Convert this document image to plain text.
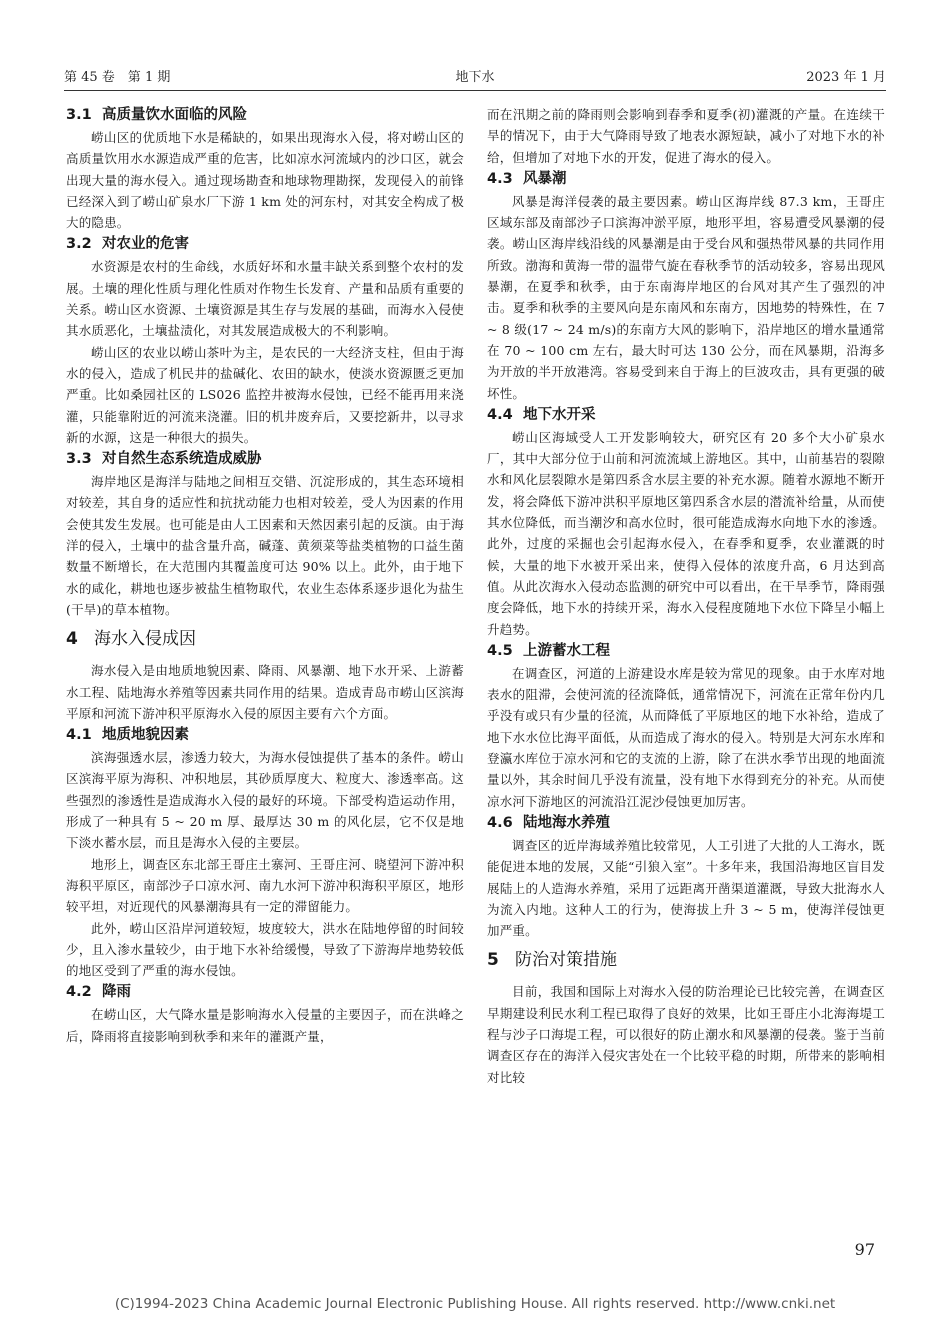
第 45 卷　第 1 期	地下水	2023 年 1 月
3.1 高质量饮水面临的风险

崂山区的优质地下水是稀缺的，如果出现海水入侵，将对崂山区的高质量饮用水水源造成严重的危害，比如凉水河流域内的沙口区，就会出现大量的海水侵入。通过现场勘查和地球物理勘探，发现侵入的前锋已经深入到了崂山矿泉水厂下游 1 km 处的河东村，对其安全构成了极大的隐患。

3.2 对农业的危害

水资源是农村的生命线，水质好坏和水量丰缺关系到整个农村的发展。土壤的理化性质与理化性质对作物生长发育、产量和品质有重要的关系。崂山区水资源、土壤资源是其生存与发展的基础，而海水入侵使其水质恶化，土壤盐渍化，对其发展造成极大的不利影响。

崂山区的农业以崂山茶叶为主，是农民的一大经济支柱，但由于海水的侵入，造成了机民井的盐碱化、农田的缺水，使淡水资源匮乏更加严重。比如桑园社区的 LS026 监控井被海水侵蚀，已经不能再用来浇灌，只能靠附近的河流来浇灌。旧的机井废弃后，又要挖新井，以寻求新的水源，这是一种很大的损失。

3.3 对自然生态系统造成威胁

海岸地区是海洋与陆地之间相互交错、沉淀形成的，其生态环境相对较差，其自身的适应性和抗扰动能力也相对较差，受人为因素的作用会使其发生发展。也可能是由人工因素和天然因素引起的反演。由于海洋的侵入，土壤中的盐含量升高，碱蓬、黄须菜等盐类植物的口益生菌数量不断增长，在大范围内其覆盖度可达 90% 以上。此外，由于地下水的咸化，耕地也逐步被盐生植物取代，农业生态体系逐步退化为盐生(干旱)的草本植物。

4 海水入侵成因

海水侵入是由地质地貌因素、降雨、风暴潮、地下水开采、上游蓄水工程、陆地海水养殖等因素共同作用的结果。造成青岛市崂山区滨海平原和河流下游冲积平原海水入侵的原因主要有六个方面。

4.1 地质地貌因素

滨海强透水层，渗透力较大，为海水侵蚀提供了基本的条件。崂山区滨海平原为海积、冲积地层，其砂质厚度大、粒度大、渗透率高。这些强烈的渗透性是造成海水入侵的最好的环境。下部受构造运动作用，形成了一种具有 5 ~ 20 m 厚、最厚达 30 m 的风化层，它不仅是地下淡水蓄水层，而且是海水入侵的主要层。

地形上，调查区东北部王哥庄土寨河、王哥庄河、晓望河下游冲积海积平原区，南部沙子口凉水河、南九水河下游冲积海积平原区，地形较平坦，对近现代的风暴潮海具有一定的滞留能力。

此外，崂山区沿岸河道较短，坡度较大，洪水在陆地停留的时间较少，且入渗水量较少，由于地下水补给缓慢，导致了下游海岸地势较低的地区受到了严重的海水侵蚀。

4.2 降雨

在崂山区，大气降水量是影响海水入侵量的主要因子，而在洪峰之后，降雨将直接影响到秋季和来年的灌溉产量，

而在汛期之前的降雨则会影响到春季和夏季(初)灌溉的产量。在连续干旱的情况下，由于大气降雨导致了地表水源短缺，减小了对地下水的补给，但增加了对地下水的开发，促进了海水的侵入。

4.3 风暴潮

风暴是海洋侵袭的最主要因素。崂山区海岸线 87.3 km，王哥庄区域东部及南部沙子口滨海冲淤平原，地形平坦，容易遭受风暴潮的侵袭。崂山区海岸线沿线的风暴潮是由于受台风和强热带风暴的共同作用所致。渤海和黄海一带的温带气旋在春秋季节的活动较多，容易出现风暴潮，在夏季和秋季，由于东南海岸地区的台风对其产生了强烈的冲击。夏季和秋季的主要风向是东南风和东南方，因地势的特殊性，在 7 ~ 8 级(17 ~ 24 m/s)的东南方大风的影响下，沿岸地区的增水量通常在 70 ~ 100 cm 左右，最大时可达 130 公分，而在风暴期，沿海多为开放的半开放港湾。容易受到来自于海上的巨波攻击，具有更强的破坏性。

4.4 地下水开采

崂山区海域受人工开发影响较大，研究区有 20 多个大小矿泉水厂，其中大部分位于山前和河流流域上游地区。其中，山前基岩的裂隙水和风化层裂隙水是第四系含水层主要的补充水源。随着水源地不断开发，将会降低下游冲洪积平原地区第四系含水层的潜流补给量，从而使其水位降低，而当潮汐和高水位时，很可能造成海水向地下水的渗透。此外，过度的采掘也会引起海水侵入，在春季和夏季，农业灌溉的时候，大量的地下水被开采出来，使得入侵体的浓度升高，6 月达到高值。从此次海水入侵动态监测的研究中可以看出，在干旱季节，降雨强度会降低，地下水的持续开采，海水入侵程度随地下水位下降呈小幅上升趋势。

4.5 上游蓄水工程

在调查区，河道的上游建设水库是较为常见的现象。由于水库对地表水的阻滞，会使河流的径流降低，通常情况下，河流在正常年份内几乎没有或只有少量的径流，从而降低了平原地区的地下水补给，造成了地下水水位比海平面低，从而造成了海水的侵入。特别是大河东水库和登瀛水库位于凉水河和它的支流的上游，除了在洪水季节出现的地面流量以外，其余时间几乎没有流量，没有地下水得到充分的补充。从而使凉水河下游地区的河流沿江泥沙侵蚀更加厉害。

4.6 陆地海水养殖

调查区的近岸海域养殖比较常见，人工引进了大批的人工海水，既能促进本地的发展，又能“引狼入室”。十多年来，我国沿海地区盲目发展陆上的人造海水养殖，采用了远距离开凿渠道灌溉，导致大批海水人为流入内地。这种人工的行为，使海拔上升 3 ~ 5 m，使海洋侵蚀更加严重。

5 防治对策措施

目前，我国和国际上对海水入侵的防治理论已比较完善，在调查区早期建设利民水利工程已取得了良好的效果，比如王哥庄小北海海堤工程与沙子口海堤工程，可以很好的防止潮水和风暴潮的侵袭。鉴于当前调查区存在的海洋入侵灾害处在一个比较平稳的时期，所带来的影响相对比较

97
(C)1994-2023 China Academic Journal Electronic Publishing House. All rights reserved. http://www.cnki.net
